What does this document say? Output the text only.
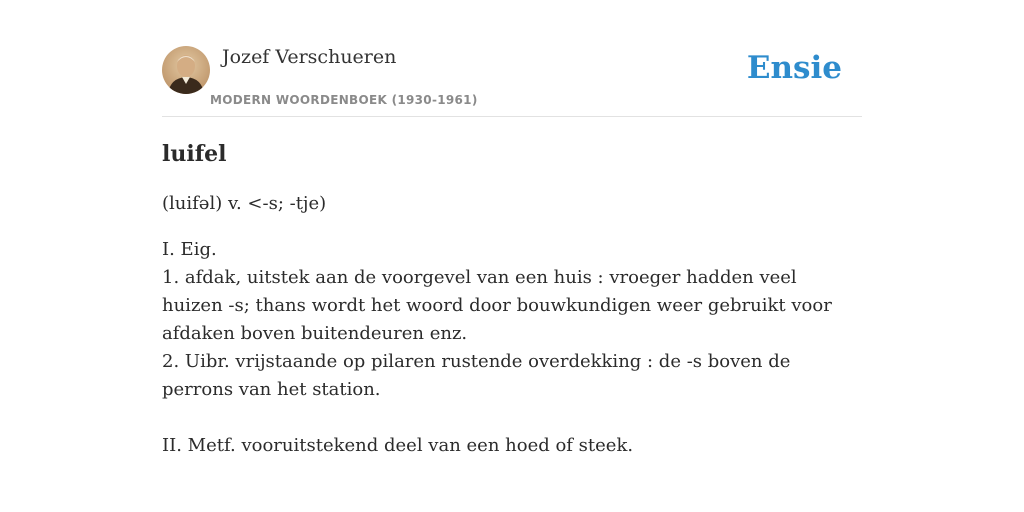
Jozef Verschueren
MODERN WOORDENBOEK (1930-1961)
Ensie
luifel
(luifəl) v. <-s; -tje)
I. Eig.
1. afdak, uitstek aan de voorgevel van een huis : vroeger hadden veel huizen -s; thans wordt het woord door bouwkundigen weer gebruikt voor afdaken boven buitendeuren enz.
2. Uibr. vrijstaande op pilaren rustende overdekking : de -s boven de perrons van het station.
II. Metf. vooruitstekend deel van een hoed of steek.
